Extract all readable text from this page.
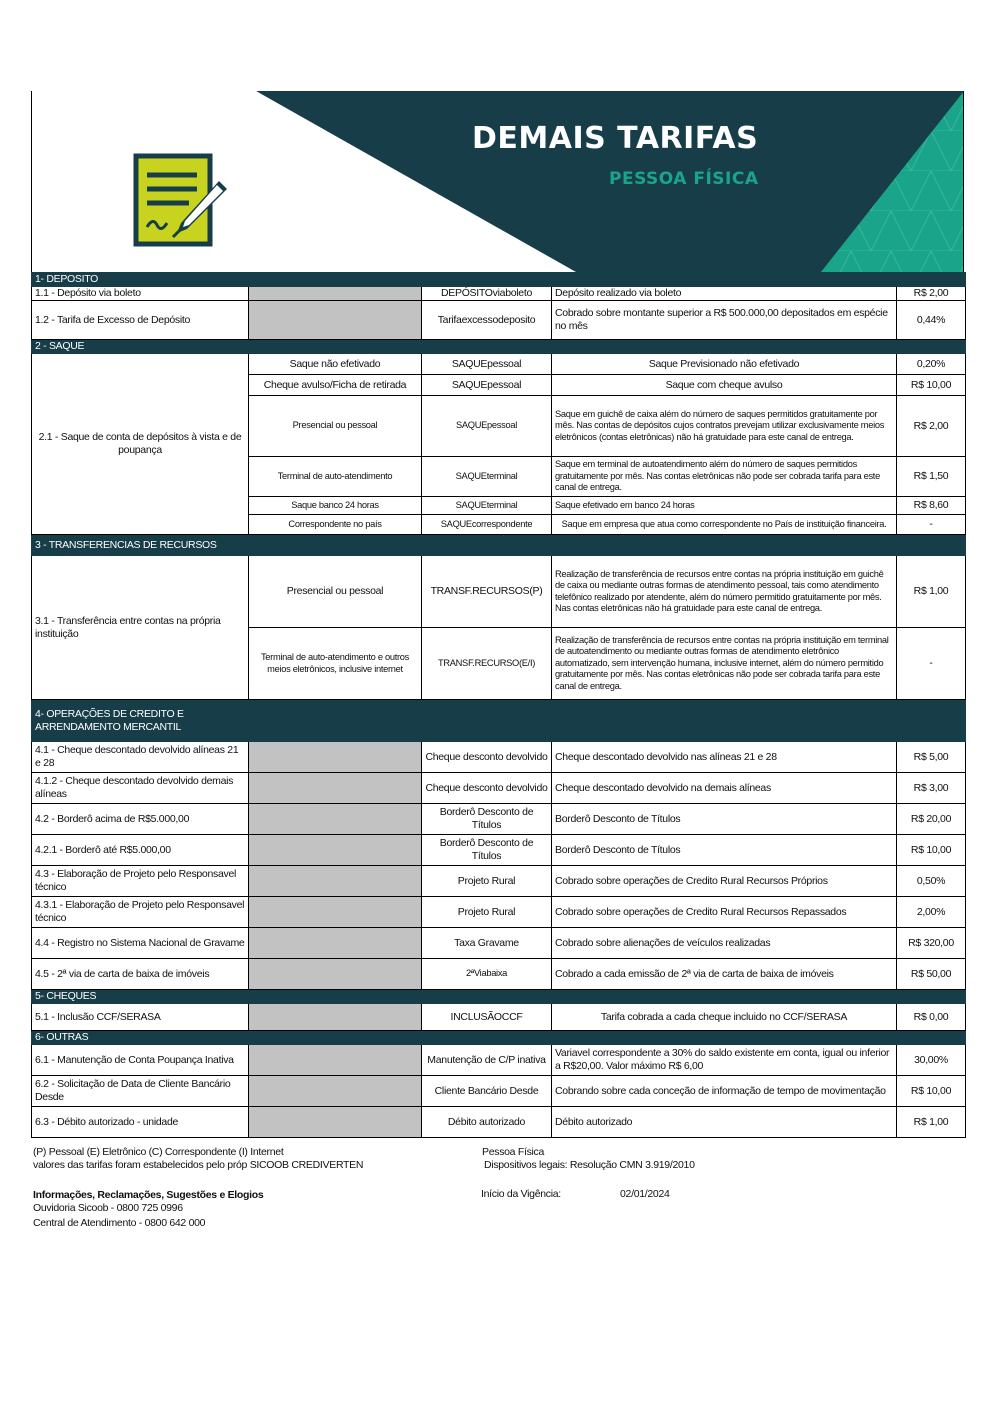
DEMAIS TARIFAS
PESSOA FÍSICA
1- DEPOSITO				
1.1 - Depósito via boleto		DEPÓSITOviaboleto	Depósito realizado via boleto	R$ 2,00
1.2 - Tarifa de Excesso de Depósito		Tarifaexcessodeposito	Cobrado sobre montante superior a R$ 500.000,00 depositados em espécie no mês	0,44%
2 - SAQUE				
2.1 - Saque de conta de depósitos à vista e de poupança	Saque não efetivado	SAQUEpessoal	Saque Previsionado não efetivado	0,20%
	Cheque avulso/Ficha de retirada	SAQUEpessoal	Saque com cheque avulso	R$ 10,00
	Presencial ou pessoal	SAQUEpessoal	Saque em guichê de caixa além do número de saques permitidos gratuitamente por mês. Nas contas de depósitos cujos contratos prevejam utilizar exclusivamente meios eletrônicos (contas eletrônicas) não há gratuidade para este canal de entrega.	R$ 2,00
	Terminal de auto-atendimento	SAQUEterminal	Saque em terminal de autoatendimento além do número de saques permitidos gratuitamente por mês. Nas contas eletrônicas não pode ser cobrada tarifa para este canal de entrega.	R$ 1,50
	Saque banco 24 horas	SAQUEterminal	Saque efetivado em banco 24 horas	R$ 8,60
	Correspondente no país	SAQUEcorrespondente	Saque em empresa que atua como correspondente no País de instituição financeira.	-
3 - TRANSFERENCIAS DE RECURSOS				
3.1 - Transferência entre contas na própria instituição	Presencial ou pessoal	TRANSF.RECURSOS(P)	Realização de transferência de recursos entre contas na própria instituição em guichê de caixa ou mediante outras formas de atendimento pessoal, tais como atendimento telefônico realizado por atendente, além do número permitido gratuitamente por mês. Nas contas eletrônicas não há gratuidade para este canal de entrega.	R$ 1,00
	Terminal de auto-atendimento e outros meios eletrônicos, inclusive internet	TRANSF.RECURSO(E/I)	Realização de transferência de recursos entre contas na própria instituição em terminal de autoatendimento ou mediante outras formas de atendimento eletrônico automatizado, sem intervenção humana, inclusive internet, além do número permitido gratuitamente por mês. Nas contas eletrônicas não pode ser cobrada tarifa para este canal de entrega.	-

4- OPERAÇÕES DE CREDITO E
ARRENDAMENTO MERCANTIL				

4.1 - Cheque descontado devolvido alíneas 21 e 28		Cheque desconto devolvido	Cheque descontado devolvido nas alíneas 21 e 28	R$ 5,00
4.1.2 - Cheque descontado devolvido demais alíneas		Cheque desconto devolvido	Cheque descontado devolvido na demais alíneas	R$ 3,00
4.2 - Borderô acima de R$5.000,00		Borderô Desconto de Títulos	Borderô Desconto de Títulos	R$ 20,00
4.2.1 - Borderô até R$5.000,00		Borderô Desconto de Títulos	Borderô Desconto de Títulos	R$ 10,00
4.3 - Elaboração de Projeto pelo Responsavel técnico		Projeto Rural	Cobrado sobre operações de Credito Rural Recursos Próprios	0,50%
4.3.1 - Elaboração de Projeto pelo Responsavel técnico		Projeto Rural	Cobrado sobre operações de Credito Rural Recursos Repassados	2,00%
4.4 - Registro no Sistema Nacional de Gravame		Taxa Gravame	Cobrado sobre alienações de veículos realizadas	R$ 320,00
4.5 - 2ª via de carta de baixa de imóveis		2ªViabaixa	Cobrado a cada emissão de 2ª via de carta de baixa de imóveis	R$ 50,00
5- CHEQUES				
5.1 - Inclusão CCF/SERASA		INCLUSÃOCCF	Tarifa cobrada a cada cheque incluido no CCF/SERASA	R$ 0,00
6- OUTRAS				
6.1 - Manutenção de Conta Poupança Inativa		Manutenção de C/P inativa	Variavel correspondente a 30% do saldo existente em conta, igual ou inferior a R$20,00. Valor máximo R$ 6,00	30,00%
6.2 - Solicitação de Data de Cliente Bancário Desde		Cliente Bancário Desde	Cobrando sobre cada conceção de informação de tempo de movimentação	R$ 10,00
6.3 - Débito autorizado - unidade		Débito autorizado	Débito autorizado	R$ 1,00
(P) Pessoal (E) Eletrônico (C) Correspondente (I) Internet
valores das tarifas foram estabelecidos pelo próp SICOOB CREDIVERTEN
Pessoa Física
Dispositivos legais: Resolução CMN 3.919/2010
Informações, Reclamações, Sugestões e Elogios
Ouvidoria Sicoob - 0800 725 0996
Central de Atendimento - 0800 642 000
Início da Vigência:	02/01/2024
